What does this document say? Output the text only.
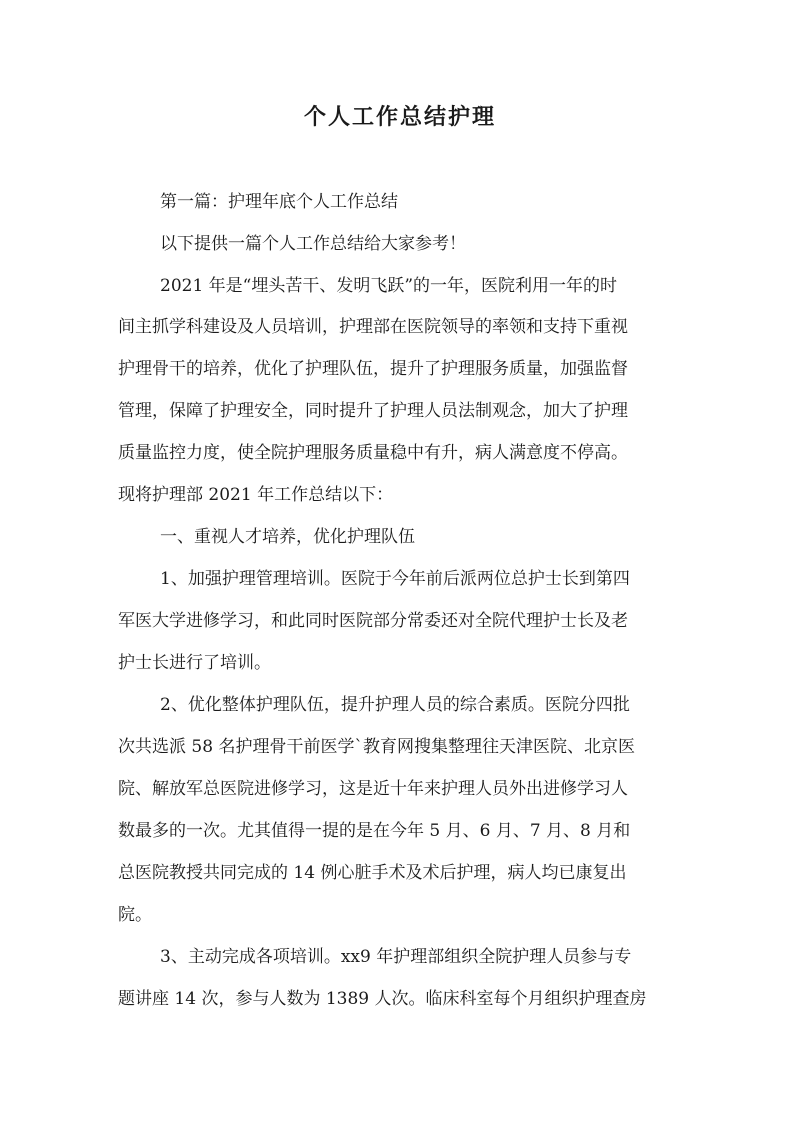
个人工作总结护理

第一篇：护理年底个人工作总结

以下提供一篇个人工作总结给大家参考！

2021 年是“埋头苦干、发明飞跃”的一年，医院利用一年的时

间主抓学科建设及人员培训，护理部在医院领导的率领和支持下重视

护理骨干的培养，优化了护理队伍，提升了护理服务质量，加强监督

管理，保障了护理安全，同时提升了护理人员法制观念，加大了护理

质量监控力度，使全院护理服务质量稳中有升，病人满意度不停高。

现将护理部 2021 年工作总结以下：

一、重视人才培养，优化护理队伍

1、加强护理管理培训。医院于今年前后派两位总护士长到第四

军医大学进修学习，和此同时医院部分常委还对全院代理护士长及老

护士长进行了培训。

2、优化整体护理队伍，提升护理人员的综合素质。医院分四批

次共选派 58 名护理骨干前医学`教育网搜集整理往天津医院、北京医

院、解放军总医院进修学习，这是近十年来护理人员外出进修学习人

数最多的一次。尤其值得一提的是在今年 5 月、6 月、7 月、8 月和

总医院教授共同完成的 14 例心脏手术及术后护理，病人均已康复出

院。

3、主动完成各项培训。xx9 年护理部组织全院护理人员参与专

题讲座 14 次，参与人数为 1389 人次。临床科室每个月组织护理查房
